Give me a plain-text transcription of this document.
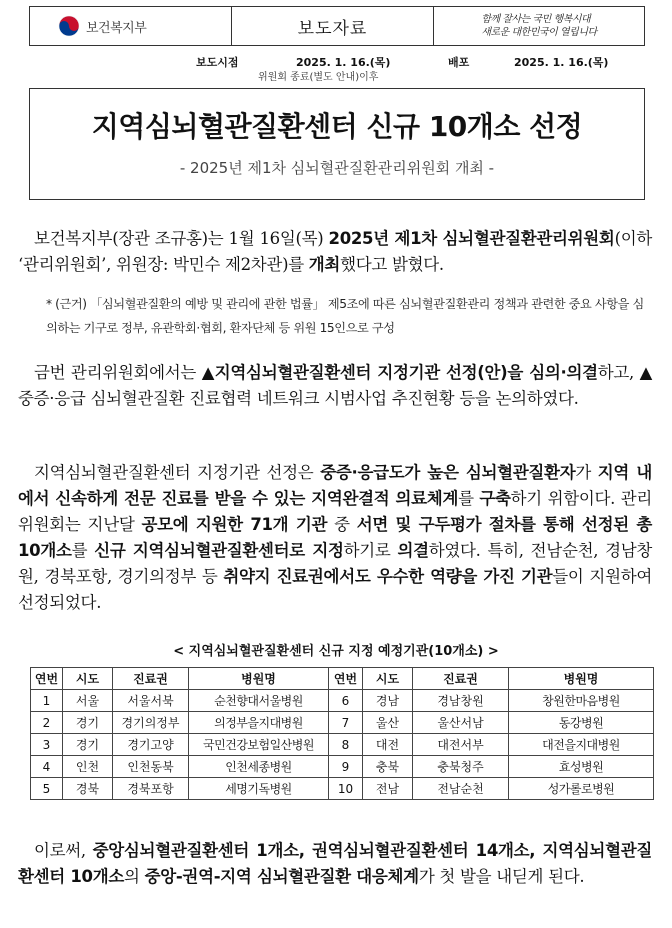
보건복지부	보도자료	함께 잘사는 국민 행복시대
새로운 대한민국이 열립니다
보도시점	2025. 1. 16.(목)
위원회 종료(별도 안내)이후
배포	2025. 1. 16.(목)
지역심뇌혈관질환센터 신규 10개소 선정
- 2025년 제1차 심뇌혈관질환관리위원회 개최 -
보건복지부(장관 조규홍)는 1월 16일(목) 2025년 제1차 심뇌혈관질환관리위원회(이하 ‘관리위원회’, 위원장: 박민수 제2차관)를 개최했다고 밝혔다.
* (근거) 「심뇌혈관질환의 예방 및 관리에 관한 법률」 제5조에 따른 심뇌혈관질환관리 정책과 관련한 중요 사항을 심의하는 기구로 정부, 유관학회·협회, 환자단체 등 위원 15인으로 구성
금번 관리위원회에서는 ▲지역심뇌혈관질환센터 지정기관 선정(안)을 심의·의결하고, ▲중증·응급 심뇌혈관질환 진료협력 네트워크 시범사업 추진현황 등을 논의하였다.
지역심뇌혈관질환센터 지정기관 선정은 중증·응급도가 높은 심뇌혈관질환자가 지역 내에서 신속하게 전문 진료를 받을 수 있는 지역완결적 의료체계를 구축하기 위함이다. 관리위원회는 지난달 공모에 지원한 71개 기관 중 서면 및 구두평가 절차를 통해 선정된 총 10개소를 신규 지역심뇌혈관질환센터로 지정하기로 의결하였다. 특히, 전남순천, 경남창원, 경북포항, 경기의정부 등 취약지 진료권에서도 우수한 역량을 가진 기관들이 지원하여 선정되었다.
< 지역심뇌혈관질환센터 신규 지정 예정기관(10개소) >
연번	시도	진료권	병원명	연번	시도	진료권	병원명
1	서울	서울서북	순천향대서울병원	6	경남	경남창원	창원한마음병원
2	경기	경기의정부	의정부을지대병원	7	울산	울산서남	동강병원
3	경기	경기고양	국민건강보험일산병원	8	대전	대전서부	대전을지대병원
4	인천	인천동북	인천세종병원	9	충북	충북청주	효성병원
5	경북	경북포항	세명기독병원	10	전남	전남순천	성가롤로병원
이로써, 중앙심뇌혈관질환센터 1개소, 권역심뇌혈관질환센터 14개소, 지역심뇌혈관질환센터 10개소의 중앙-권역-지역 심뇌혈관질환 대응체계가 첫 발을 내딛게 된다.
